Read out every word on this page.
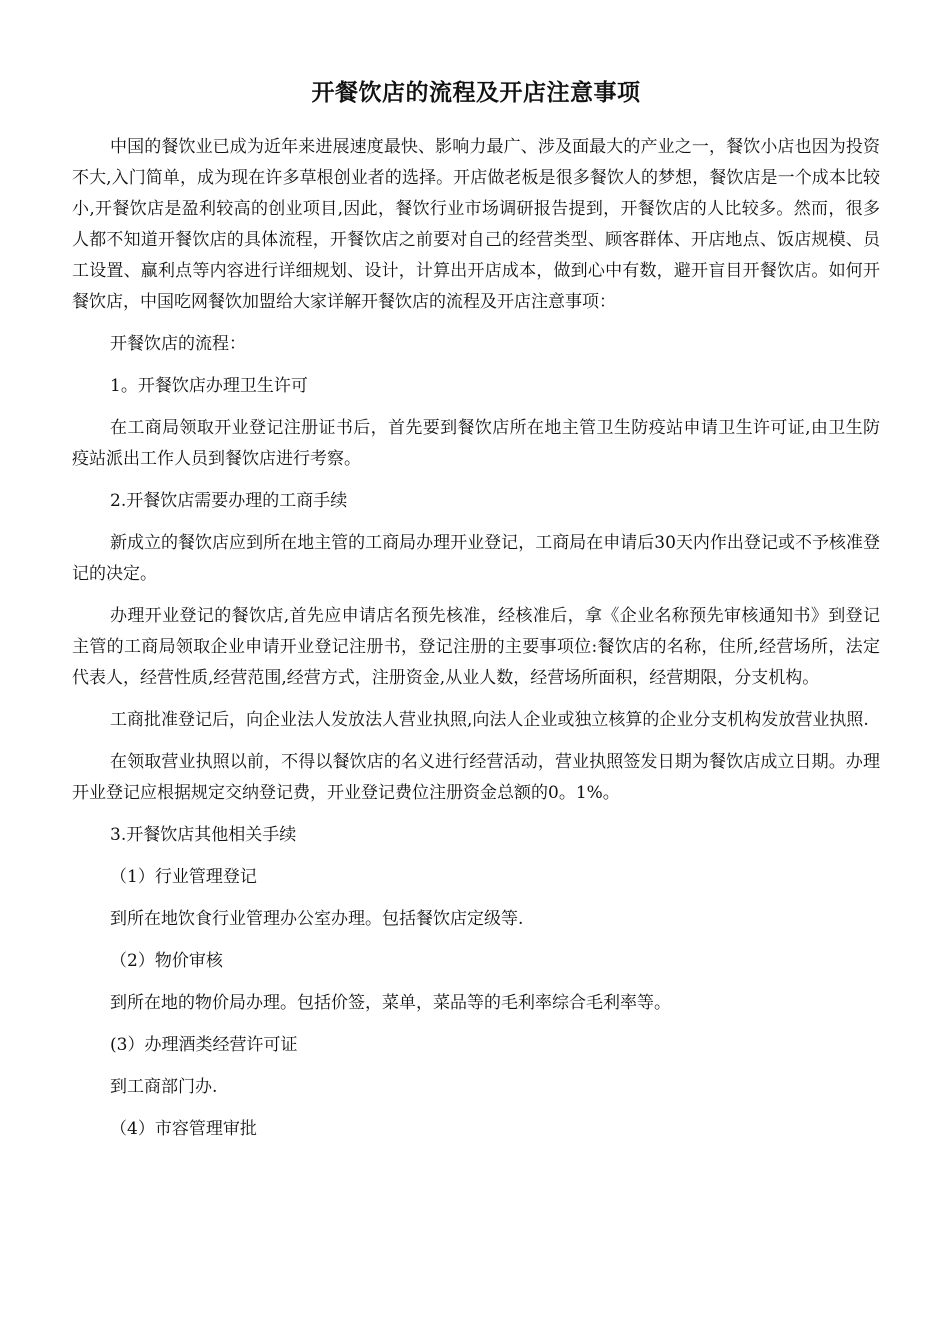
开餐饮店的流程及开店注意事项

中国的餐饮业已成为近年来进展速度最快、影响力最广、涉及面最大的产业之一，餐饮小店也因为投资不大,入门简单，成为现在许多草根创业者的选择。开店做老板是很多餐饮人的梦想，餐饮店是一个成本比较小,开餐饮店是盈利较高的创业项目,因此，餐饮行业市场调研报告提到，开餐饮店的人比较多。然而，很多人都不知道开餐饮店的具体流程，开餐饮店之前要对自己的经营类型、顾客群体、开店地点、饭店规模、员工设置、赢利点等内容进行详细规划、设计，计算出开店成本，做到心中有数，避开盲目开餐饮店。如何开餐饮店，中国吃网餐饮加盟给大家详解开餐饮店的流程及开店注意事项：

开餐饮店的流程：

1。开餐饮店办理卫生许可

在工商局领取开业登记注册证书后，首先要到餐饮店所在地主管卫生防疫站申请卫生许可证,由卫生防疫站派出工作人员到餐饮店进行考察。

2.开餐饮店需要办理的工商手续

新成立的餐饮店应到所在地主管的工商局办理开业登记，工商局在申请后30天内作出登记或不予核准登记的决定。

办理开业登记的餐饮店,首先应申请店名预先核准，经核准后，拿《企业名称预先审核通知书》到登记主管的工商局领取企业申请开业登记注册书，登记注册的主要事项位:餐饮店的名称，住所,经营场所，法定代表人，经营性质,经营范围,经营方式，注册资金,从业人数，经营场所面积，经营期限，分支机构。

工商批准登记后，向企业法人发放法人营业执照,向法人企业或独立核算的企业分支机构发放营业执照.

在领取营业执照以前，不得以餐饮店的名义进行经营活动，营业执照签发日期为餐饮店成立日期。办理开业登记应根据规定交纳登记费，开业登记费位注册资金总额的0。1%。

3.开餐饮店其他相关手续

（1）行业管理登记

到所在地饮食行业管理办公室办理。包括餐饮店定级等.

（2）物价审核

到所在地的物价局办理。包括价签，菜单，菜品等的毛利率综合毛利率等。

(3）办理酒类经营许可证

到工商部门办.

（4）市容管理审批
